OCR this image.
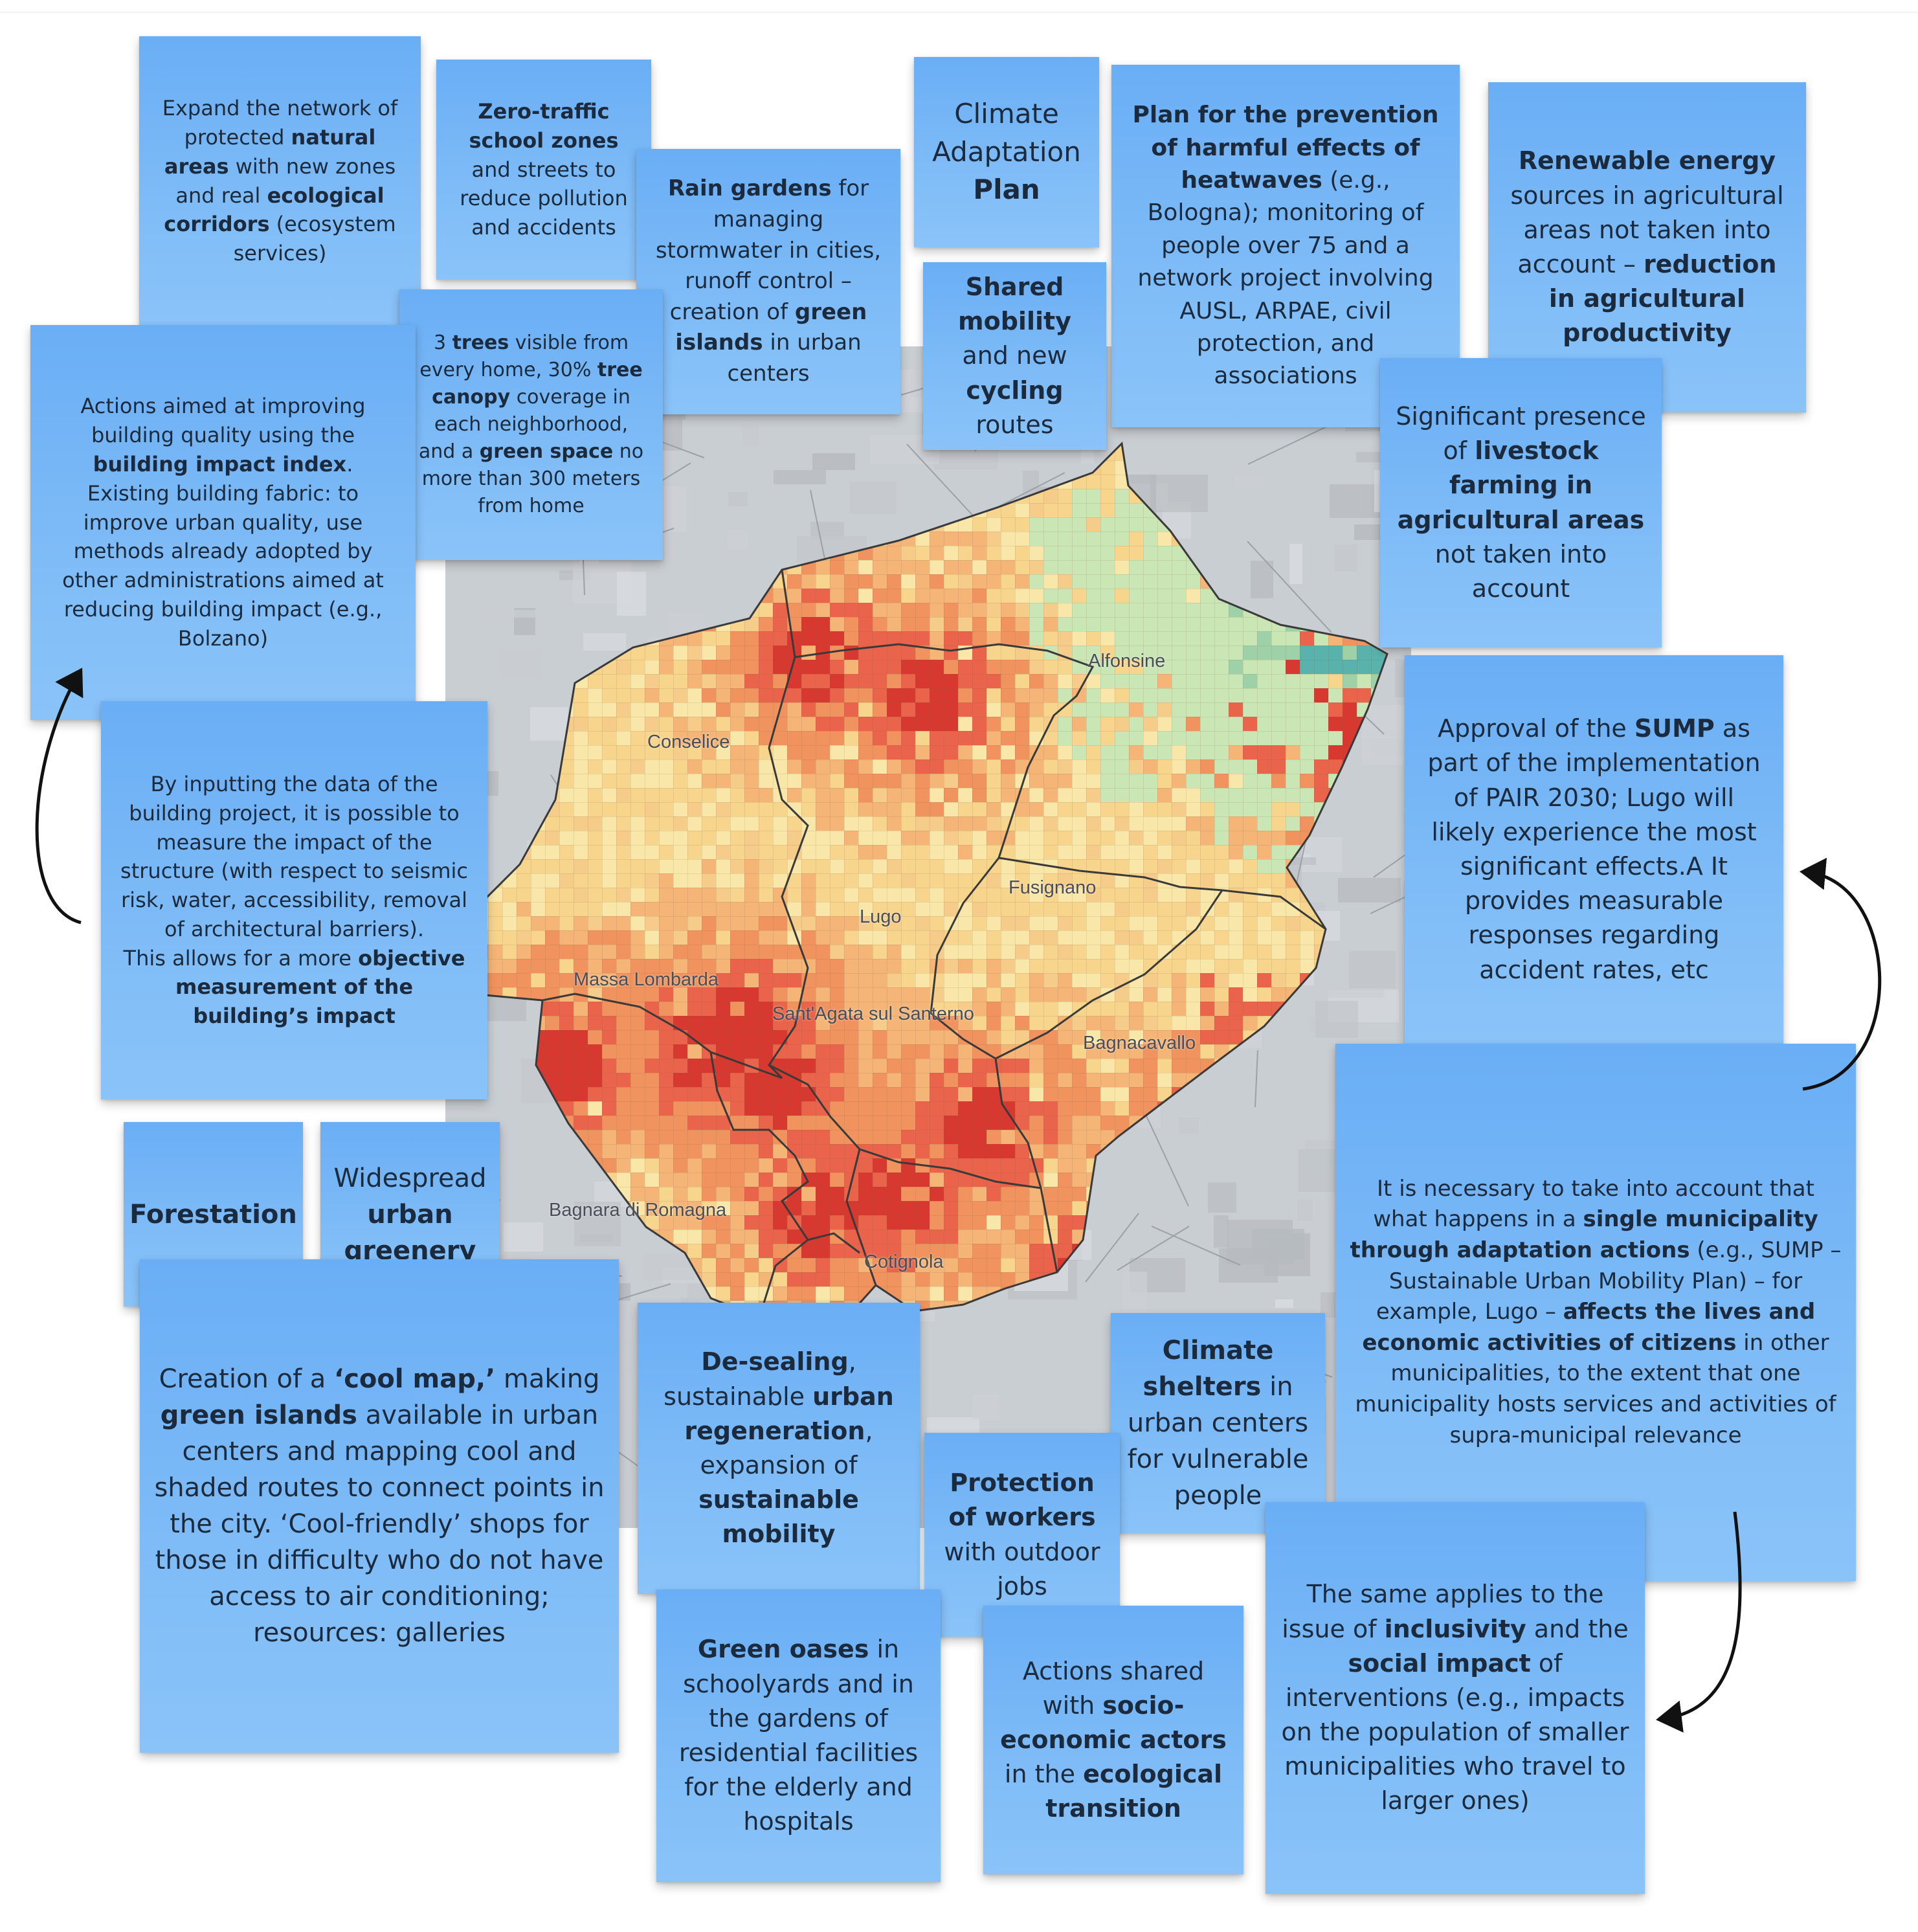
Alfonsine
Conselice
Fusignano
Lugo
Massa Lombarda
Sant'Agata sul Santerno
Bagnacavallo
Bagnara di Romagna
Cotignola
Expand the network of protected natural areas with new zones and real ecological corridors (ecosystem services)
Zero-traffic school zones and streets to reduce pollution and accidents
Rain gardens for managing stormwater in cities, runoff control – creation of green islands in urban centers
Climate Adaptation Plan
Plan for the prevention of harmful effects of heatwaves (e.g., Bologna); monitoring of people over 75 and a network project involving AUSL, ARPAE, civil protection, and associations
Renewable energy sources in agricultural areas not taken into account – reduction in agricultural productivity
Shared mobility and new cycling routes
3 trees visible from every home, 30% tree canopy coverage in each neighborhood, and a green space no more than 300 meters from home
Actions aimed at improving building quality using the building impact index.
Existing building fabric: to improve urban quality, use methods already adopted by other administrations aimed at reducing building impact (e.g., Bolzano)
Significant presence of livestock farming in agricultural areas not taken into account
Approval of the SUMP as part of the implementation of PAIR 2030; Lugo will likely experience the most significant effects.A It provides measurable responses regarding accident rates, etc
By inputting the data of the building project, it is possible to measure the impact of the structure (with respect to seismic risk, water, accessibility, removal of architectural barriers).
This allows for a more objective measurement of the building’s impact
Forestation
Widespread urban greenery
It is necessary to take into account that what happens in a single municipality through adaptation actions (e.g., SUMP – Sustainable Urban Mobility Plan) – for example, Lugo – affects the lives and economic activities of citizens in other municipalities, to the extent that one municipality hosts services and activities of supra-municipal relevance
Creation of a ‘cool map,’ making green islands available in urban centers and mapping cool and shaded routes to connect points in the city. ‘Cool-friendly’ shops for those in difficulty who do not have access to air conditioning; resources: galleries
De-sealing, sustainable urban regeneration, expansion of sustainable mobility
Climate shelters in urban centers for vulnerable people
Protection of workers with outdoor jobs
Green oases in schoolyards and in the gardens of residential facilities for the elderly and hospitals
Actions shared with socio-economic actors in the ecological transition
The same applies to the issue of inclusivity and the social impact of interventions (e.g., impacts on the population of smaller municipalities who travel to larger ones)
